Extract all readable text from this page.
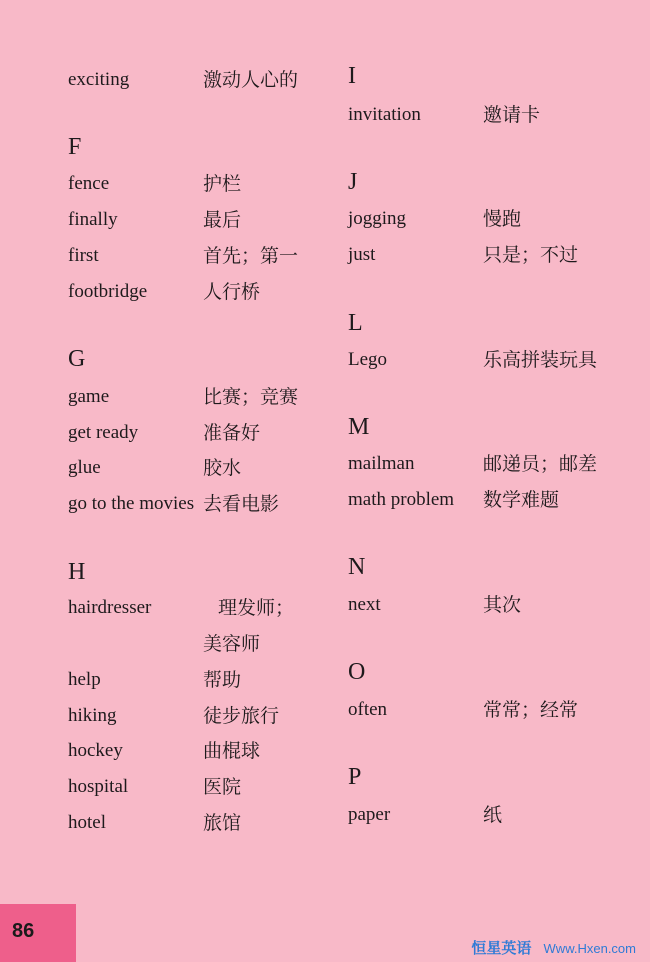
exciting	激动人心的
F
fence	护栏
finally	最后
first	首先；第一
footbridge	人行桥
G
game	比赛；竞赛
get ready	准备好
glue	胶水
go to the movies 去看电影
H
hairdresser	理发师；
美容师
help	帮助
hiking	徒步旅行
hockey	曲棍球
hospital	医院
hotel	旅馆
I
invitation	邀请卡
J
jogging	慢跑
just	只是；不过
L
Lego	乐高拼装玩具
M
mailman	邮递员；邮差
math problem 数学难题
N
next	其次
O
often	常常；经常
P
paper	纸
86
恒星英语 Www.Hxen.com
